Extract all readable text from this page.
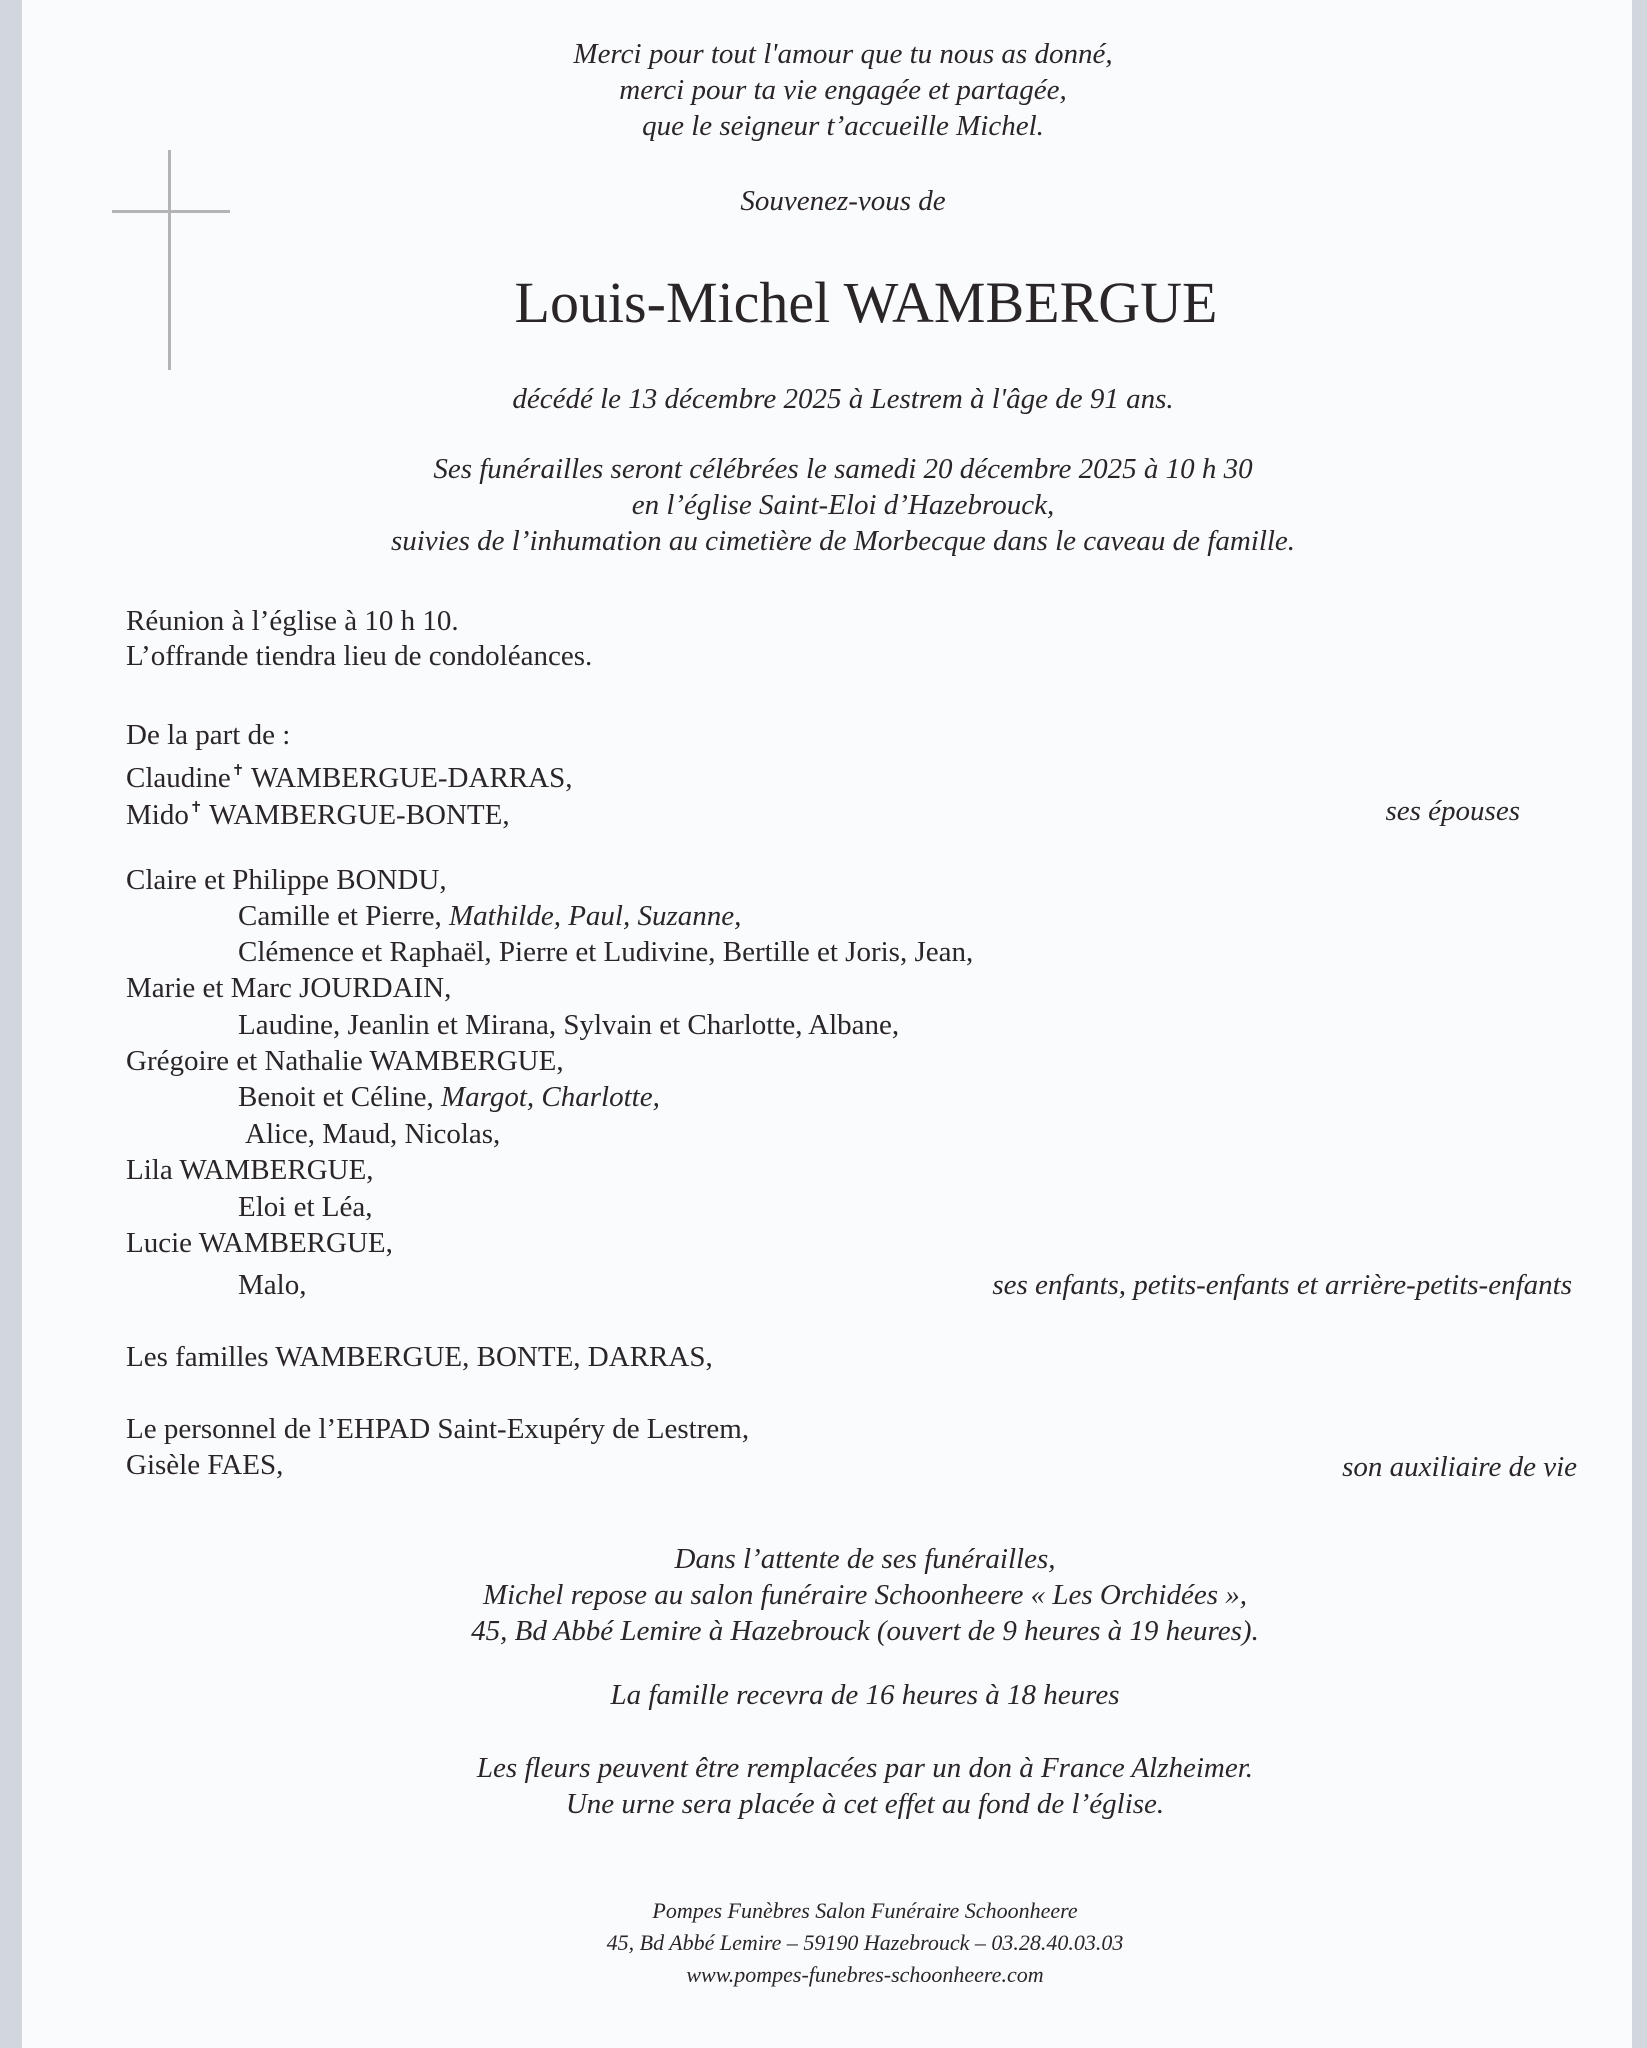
Merci pour tout l'amour que tu nous as donné,
merci pour ta vie engagée et partagée,
que le seigneur t’accueille Michel.
Souvenez-vous de
Louis-Michel WAMBERGUE
décédé le 13 décembre 2025 à Lestrem à l'âge de 91 ans.
Ses funérailles seront célébrées le samedi 20 décembre 2025 à 10 h 30
en l’église Saint-Eloi d’Hazebrouck,
suivies de l’inhumation au cimetière de Morbecque dans le caveau de famille.
Réunion à l’église à 10 h 10.
L’offrande tiendra lieu de condoléances.
De la part de :
Claudine✝ WAMBERGUE-DARRAS,
Mido✝ WAMBERGUE-BONTE,	ses épouses
Claire et Philippe BONDU,
Camille et Pierre, Mathilde, Paul, Suzanne,
Clémence et Raphaël, Pierre et Ludivine, Bertille et Joris, Jean,
Marie et Marc JOURDAIN,
Laudine, Jeanlin et Mirana, Sylvain et Charlotte, Albane,
Grégoire et Nathalie WAMBERGUE,
Benoit et Céline, Margot, Charlotte,
Alice, Maud, Nicolas,
Lila WAMBERGUE,
Eloi et Léa,
Lucie WAMBERGUE,
Malo,	ses enfants, petits-enfants et arrière-petits-enfants
Les familles WAMBERGUE, BONTE, DARRAS,
Le personnel de l’EHPAD Saint-Exupéry de Lestrem,
Gisèle FAES,	son auxiliaire de vie
Dans l’attente de ses funérailles,
Michel repose au salon funéraire Schoonheere « Les Orchidées »,
45, Bd Abbé Lemire à Hazebrouck (ouvert de 9 heures à 19 heures).
La famille recevra de 16 heures à 18 heures
Les fleurs peuvent être remplacées par un don à France Alzheimer.
Une urne sera placée à cet effet au fond de l’église.
Pompes Funèbres Salon Funéraire Schoonheere
45, Bd Abbé Lemire – 59190 Hazebrouck – 03.28.40.03.03
www.pompes-funebres-schoonheere.com
